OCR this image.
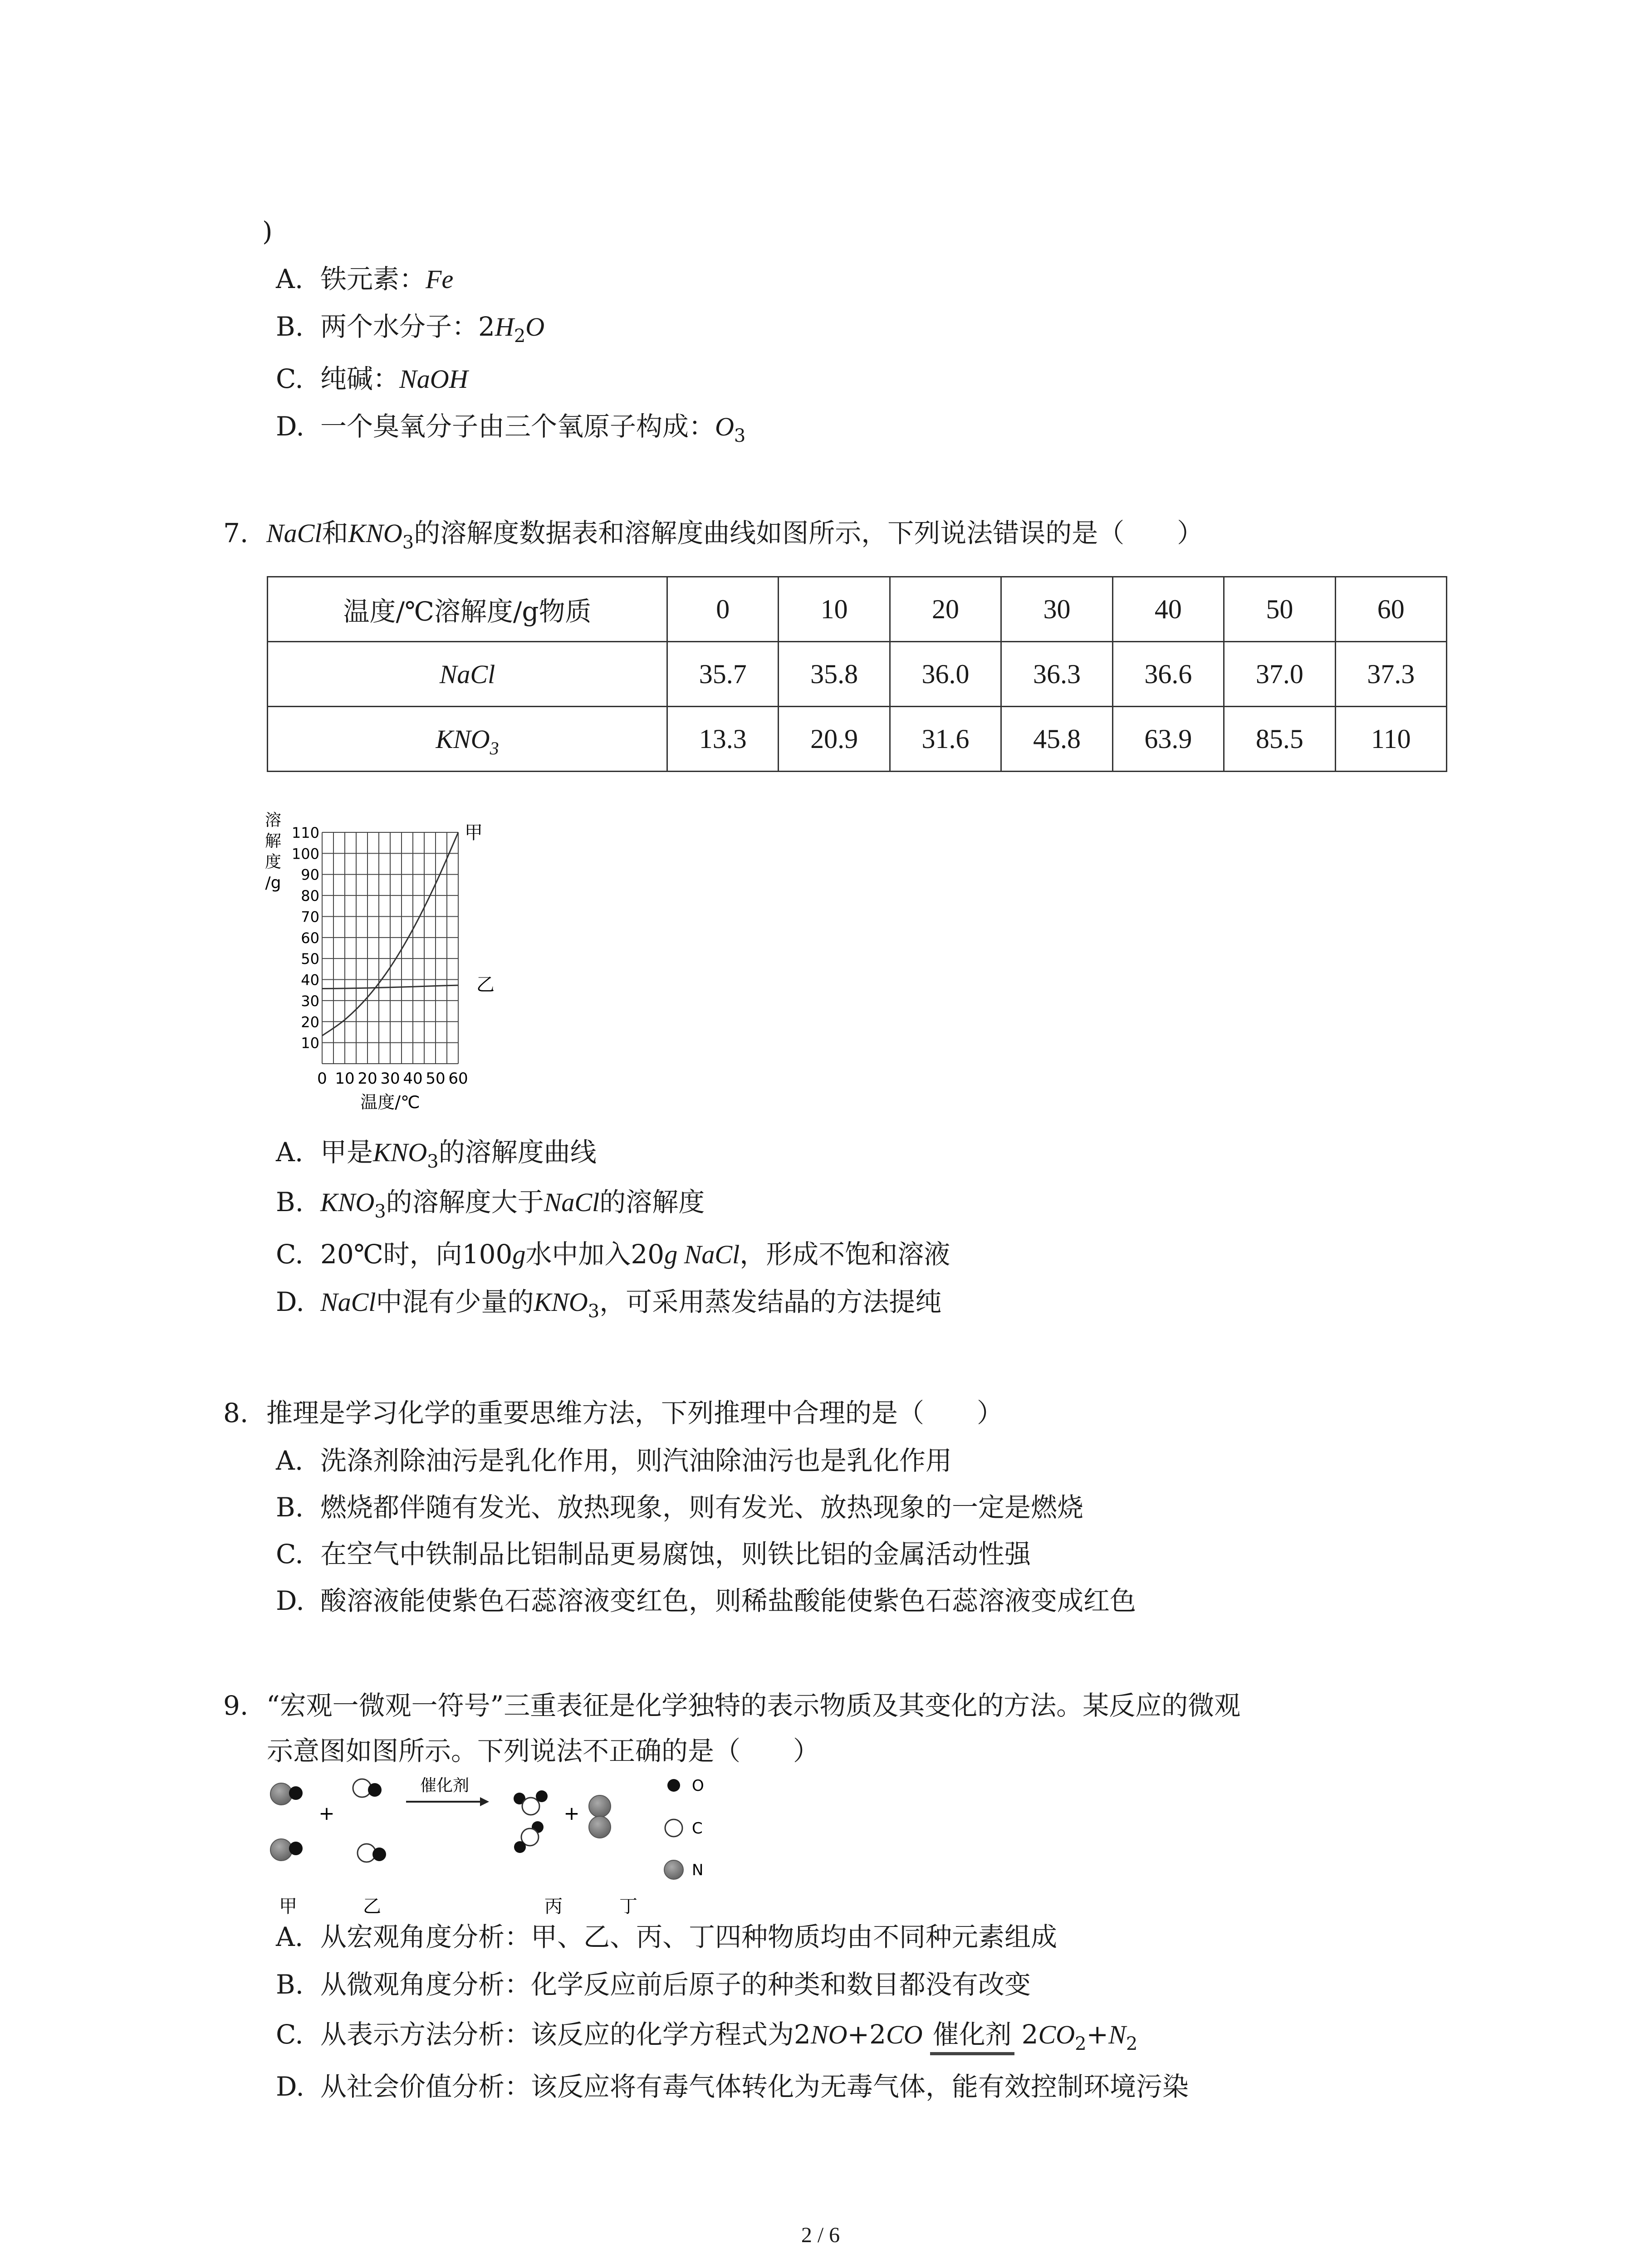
)
A. 铁元素：Fe
B. 两个水分子：$2H_2O$
C. 纯碱：NaOH
D. 一个臭氧分子由三个氧原子构成：$O_3$
7. NaCl和$KNO_3$的溶解度数据表和溶解度曲线如图所示，下列说法错误的是（　　）
温度/℃溶解度/g物质	0	10	20	30	40	50	60
NaCl	35.7	35.8	36.0	36.3	36.6	37.0	37.3
$KNO_3$	13.3	20.9	31.6	45.8	63.9	85.5	110
溶
解
度
/g
10
20
30
40
50
60
70
80
90
100
110
0 10 20 30 40 50 60
温度/℃
甲
乙
A. 甲是$KNO_3$的溶解度曲线
B. $KNO_3$的溶解度大于NaCl的溶解度
C. 20℃时，向100g水中加入20g NaCl，形成不饱和溶液
D. NaCl中混有少量的$KNO_3$，可采用蒸发结晶的方法提纯
8. 推理是学习化学的重要思维方法，下列推理中合理的是（　　）
A. 洗涤剂除油污是乳化作用，则汽油除油污也是乳化作用
B. 燃烧都伴随有发光、放热现象，则有发光、放热现象的一定是燃烧
C. 在空气中铁制品比铝制品更易腐蚀，则铁比铝的金属活动性强
D. 酸溶液能使紫色石蕊溶液变红色，则稀盐酸能使紫色石蕊溶液变成红色
9. “宏观一微观一符号”三重表征是化学独特的表示物质及其变化的方法。某反应的微观
示意图如图所示。下列说法不正确的是（　　）
+
催化剂
+
O
C
N
甲	乙	丙	丁
A. 从宏观角度分析：甲、乙、丙、丁四种物质均由不同种元素组成
B. 从微观角度分析：化学反应前后原子的种类和数目都没有改变
C. 从表示方法分析：该反应的化学方程式为2NO+2CO 催化剂 $2CO_2+N_2$
D. 从社会价值分析：该反应将有毒气体转化为无毒气体，能有效控制环境污染
2 / 6
